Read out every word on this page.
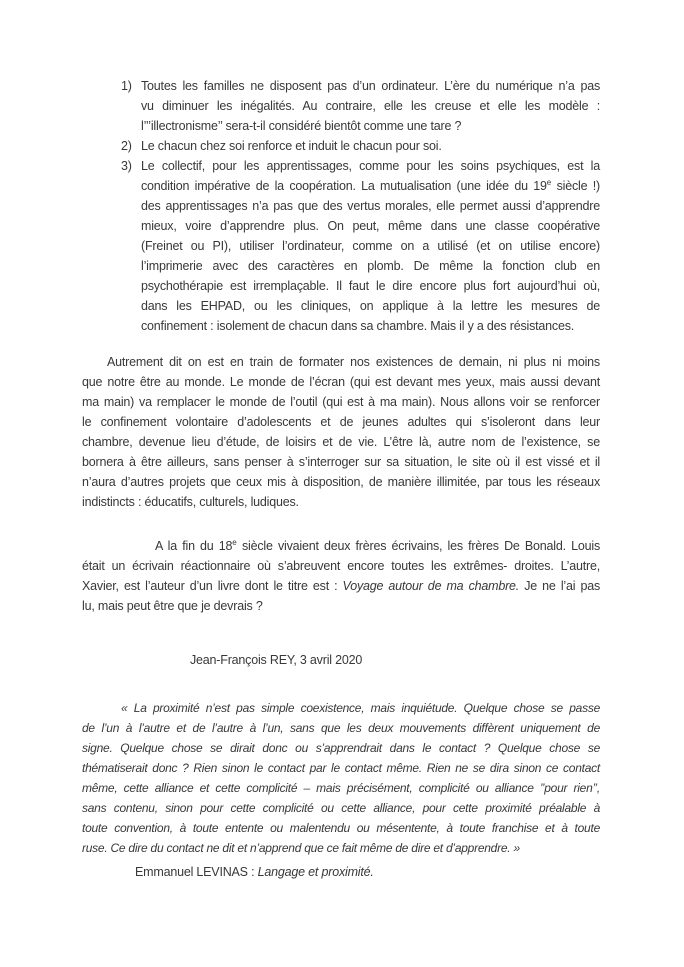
1) Toutes les familles ne disposent pas d’un ordinateur. L’ère du numérique n’a pas
vu diminuer les inégalités. Au contraire, elle les creuse et elle les modèle :
l’’’illectronisme’’ sera-t-il considéré bientôt comme une tare ?
2) Le chacun chez soi renforce et induit le chacun pour soi.
3) Le collectif, pour les apprentissages, comme pour les soins psychiques, est la
condition impérative de la coopération. La mutualisation (une idée du 19e siècle !)
des apprentissages n’a pas que des vertus morales, elle permet aussi d’apprendre
mieux, voire d’apprendre plus. On peut, même dans une classe coopérative
(Freinet ou PI), utiliser l’ordinateur, comme on a utilisé (et on utilise encore)
l’imprimerie avec des caractères en plomb. De même la fonction club en
psychothérapie est irremplaçable. Il faut le dire encore plus fort aujourd’hui où,
dans les EHPAD, ou les cliniques, on applique à la lettre les mesures de
confinement : isolement de chacun dans sa chambre. Mais il y a des résistances.
Autrement dit on est en train de formater nos existences de demain, ni plus ni moins
que notre être au monde. Le monde de l’écran (qui est devant mes yeux, mais aussi devant
ma main) va remplacer le monde de l’outil (qui est à ma main). Nous allons voir se renforcer
le confinement volontaire d’adolescents et de jeunes adultes qui s’isoleront dans leur
chambre, devenue lieu d’étude, de loisirs et de vie. L’être là, autre nom de l’existence, se
bornera à être ailleurs, sans penser à s’interroger sur sa situation, le site où il est vissé et il
n’aura d’autres projets que ceux mis à disposition, de manière illimitée, par tous les réseaux
indistincts : éducatifs, culturels, ludiques.
A la fin du 18e siècle vivaient deux frères écrivains, les frères De Bonald. Louis
était un écrivain réactionnaire où s’abreuvent encore toutes les extrêmes- droites. L’autre,
Xavier, est l’auteur d’un livre dont le titre est : Voyage autour de ma chambre. Je ne l’ai pas
lu, mais peut être que je devrais ?
Jean-François REY, 3 avril 2020
« La proximité n’est pas simple coexistence, mais inquiétude. Quelque chose se passe
de l’un à l’autre et de l’autre à l’un, sans que les deux mouvements diffèrent uniquement de
signe. Quelque chose se dirait donc ou s’apprendrait dans le contact ? Quelque chose se
thématiserait donc ? Rien sinon le contact par le contact même. Rien ne se dira sinon ce contact
même, cette alliance et cette complicité – mais précisément, complicité ou alliance ’’pour rien’’,
sans contenu, sinon pour cette complicité ou cette alliance, pour cette proximité préalable à
toute convention, à toute entente ou malentendu ou mésentente, à toute franchise et à toute
ruse. Ce dire du contact ne dit et n’apprend que ce fait même de dire et d’apprendre. »
Emmanuel LEVINAS : Langage et proximité.
